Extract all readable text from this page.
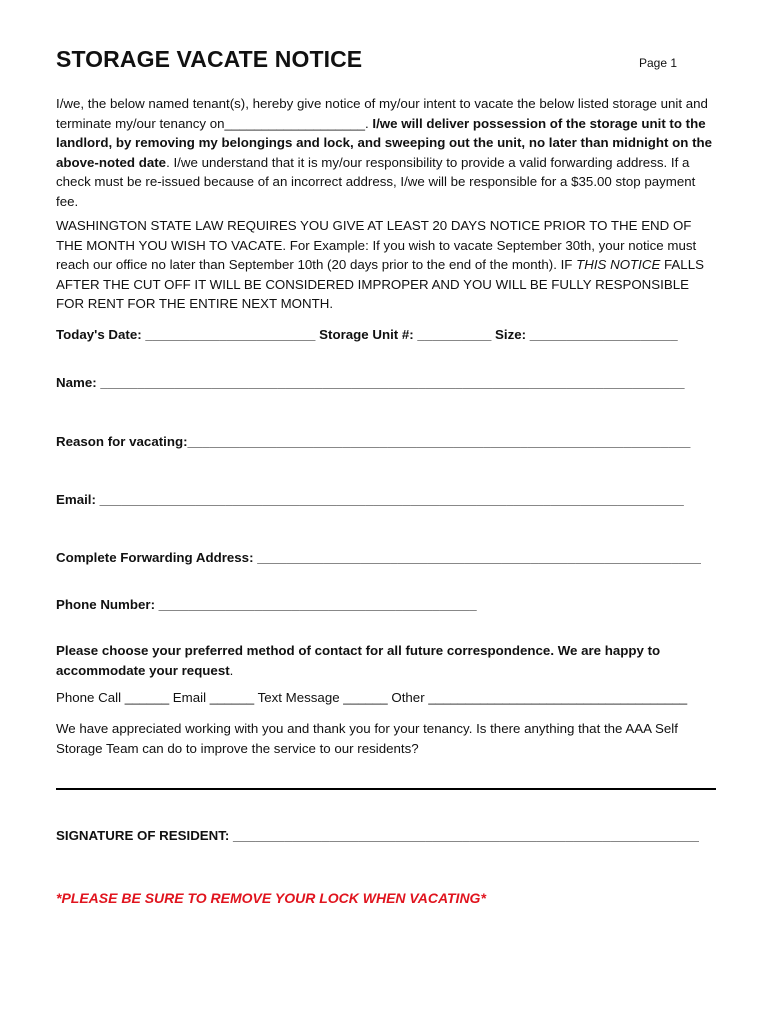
STORAGE VACATE NOTICE	Page 1

I/we, the below named tenant(s), hereby give notice of my/our intent to vacate the below listed storage unit and terminate my/our tenancy on___________________. I/we will deliver possession of the storage unit to the landlord, by removing my belongings and lock, and sweeping out the unit, no later than midnight on the above-noted date. I/we understand that it is my/our responsibility to provide a valid forwarding address. If a check must be re-issued because of an incorrect address, I/we will be responsible for a $35.00 stop payment fee.

WASHINGTON STATE LAW REQUIRES YOU GIVE AT LEAST 20 DAYS NOTICE PRIOR TO THE END OF THE MONTH YOU WISH TO VACATE. For Example: If you wish to vacate September 30th, your notice must reach our office no later than September 10th (20 days prior to the end of the month). IF THIS NOTICE FALLS AFTER THE CUT OFF IT WILL BE CONSIDERED IMPROPER AND YOU WILL BE FULLY RESPONSIBLE FOR RENT FOR THE ENTIRE NEXT MONTH.

Today's Date: _______________________ Storage Unit #: __________ Size: ____________________
Name: _______________________________________________________________________________
Reason for vacating:____________________________________________________________________
Email: _______________________________________________________________________________
Complete Forwarding Address: ____________________________________________________________
Phone Number: ___________________________________________

Please choose your preferred method of contact for all future correspondence. We are happy to accommodate your request.

Phone Call ______ Email ______ Text Message ______ Other ___________________________________

We have appreciated working with you and thank you for your tenancy. Is there anything that the AAA Self Storage Team can do to improve the service to our residents?

SIGNATURE OF RESIDENT: _______________________________________________________________
*PLEASE BE SURE TO REMOVE YOUR LOCK WHEN VACATING*
